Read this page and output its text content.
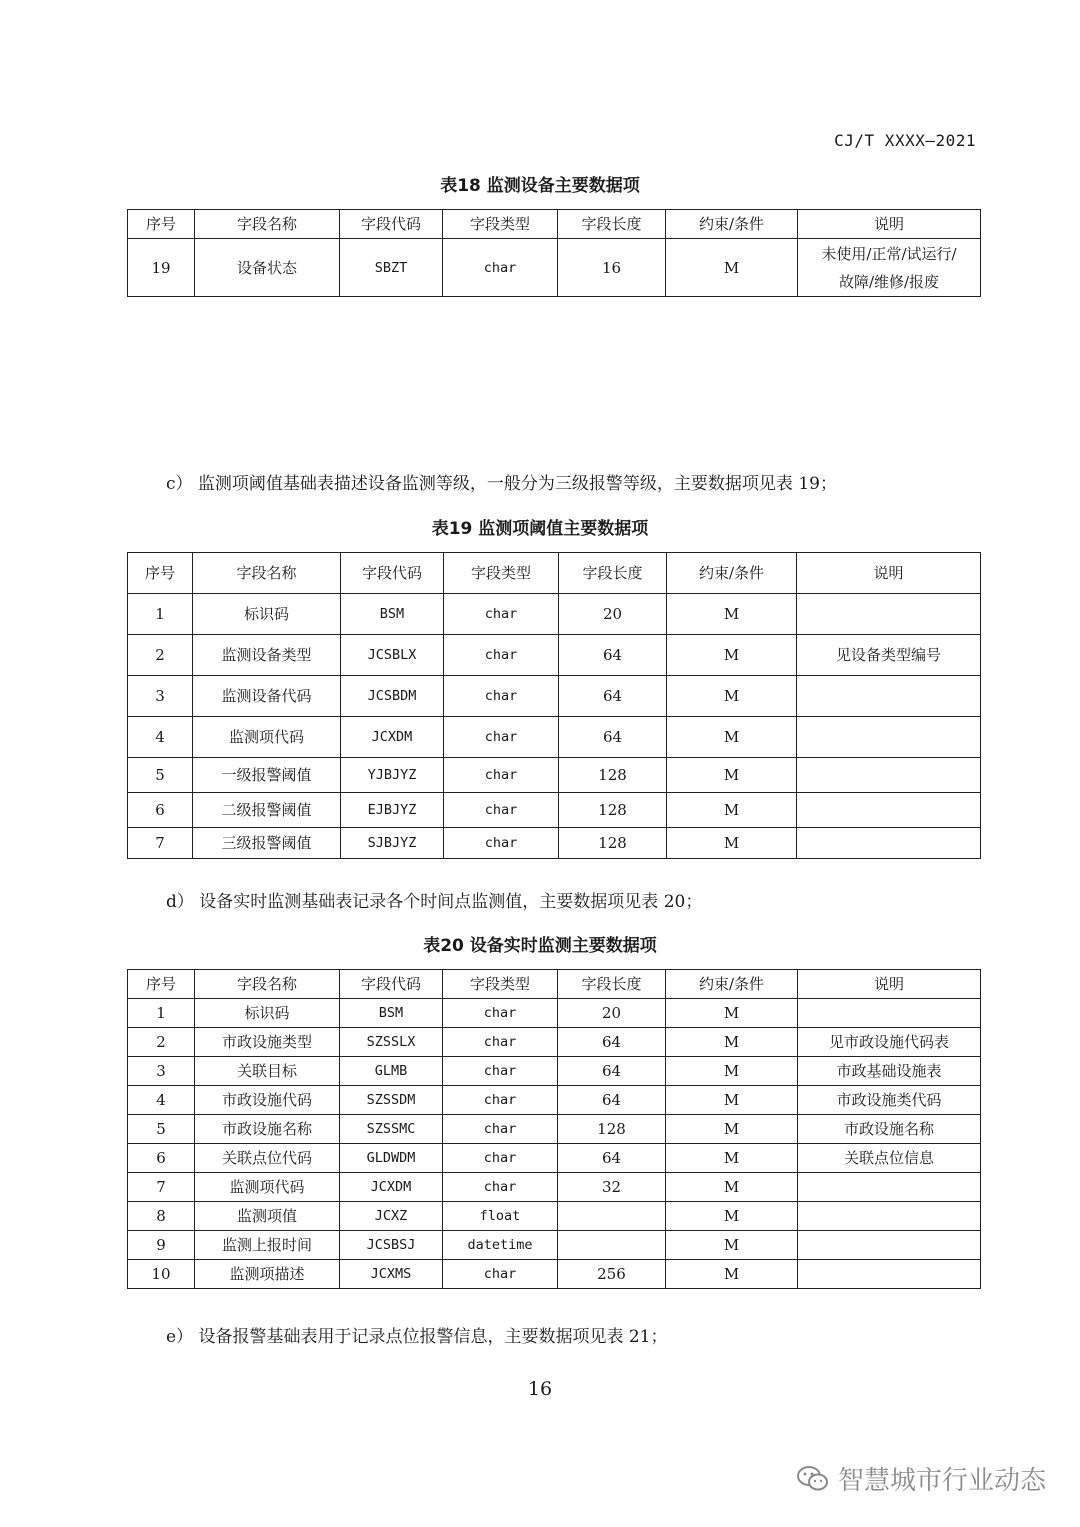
CJ/T XXXX—2021
表18 监测设备主要数据项
序号	字段名称	字段代码	字段类型	字段长度	约束/条件	说明
19	设备状态	SBZT	char	16	M	未使用/正常/试运行/
故障/维修/报废
c） 监测项阈值基础表描述设备监测等级，一般分为三级报警等级，主要数据项见表 19；
表19 监测项阈值主要数据项
序号	字段名称	字段代码	字段类型	字段长度	约束/条件	说明
1	标识码	BSM	char	20	M	
2	监测设备类型	JCSBLX	char	64	M	见设备类型编号
3	监测设备代码	JCSBDM	char	64	M	
4	监测项代码	JCXDM	char	64	M	
5	一级报警阈值	YJBJYZ	char	128	M	
6	二级报警阈值	EJBJYZ	char	128	M	
7	三级报警阈值	SJBJYZ	char	128	M	
d） 设备实时监测基础表记录各个时间点监测值，主要数据项见表 20；
表20 设备实时监测主要数据项
序号	字段名称	字段代码	字段类型	字段长度	约束/条件	说明
1	标识码	BSM	char	20	M	
2	市政设施类型	SZSSLX	char	64	M	见市政设施代码表
3	关联目标	GLMB	char	64	M	市政基础设施表
4	市政设施代码	SZSSDM	char	64	M	市政设施类代码
5	市政设施名称	SZSSMC	char	128	M	市政设施名称
6	关联点位代码	GLDWDM	char	64	M	关联点位信息
7	监测项代码	JCXDM	char	32	M	
8	监测项值	JCXZ	float		M	
9	监测上报时间	JCSBSJ	datetime		M	
10	监测项描述	JCXMS	char	256	M	
e） 设备报警基础表用于记录点位报警信息，主要数据项见表 21；
16
智慧城市行业动态
